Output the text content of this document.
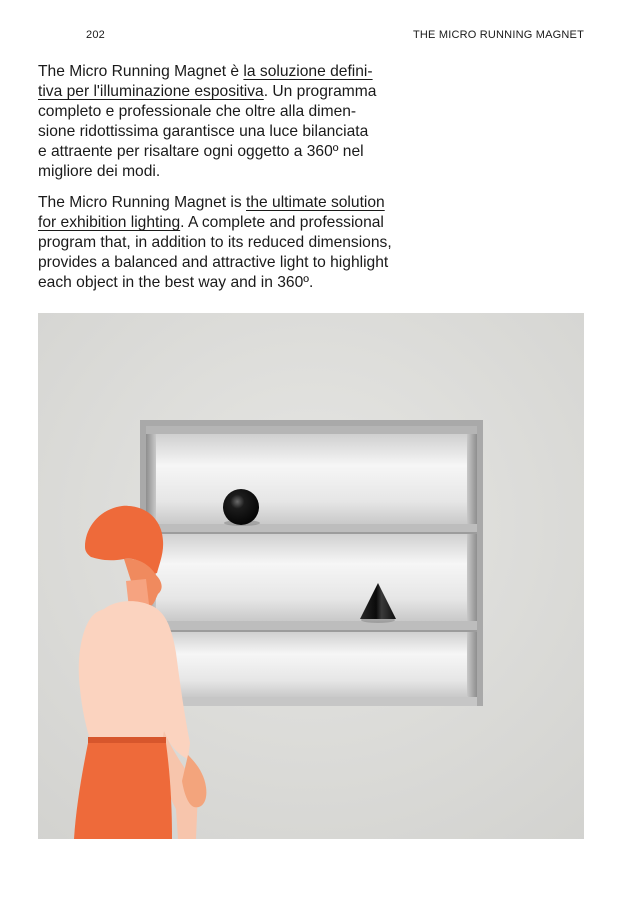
202	THE MICRO RUNNING MAGNET

The Micro Running Magnet è la soluzione defini-
tiva per l'illuminazione espositiva. Un programma
completo e professionale che oltre alla dimen-
sione ridottissima garantisce una luce bilanciata
e attraente per risaltare ogni oggetto a 360º nel
migliore dei modi.

The Micro Running Magnet is the ultimate solution
for exhibition lighting. A complete and professional
program that, in addition to its reduced dimensions,
provides a balanced and attractive light to highlight
each object in the best way and in 360º.
